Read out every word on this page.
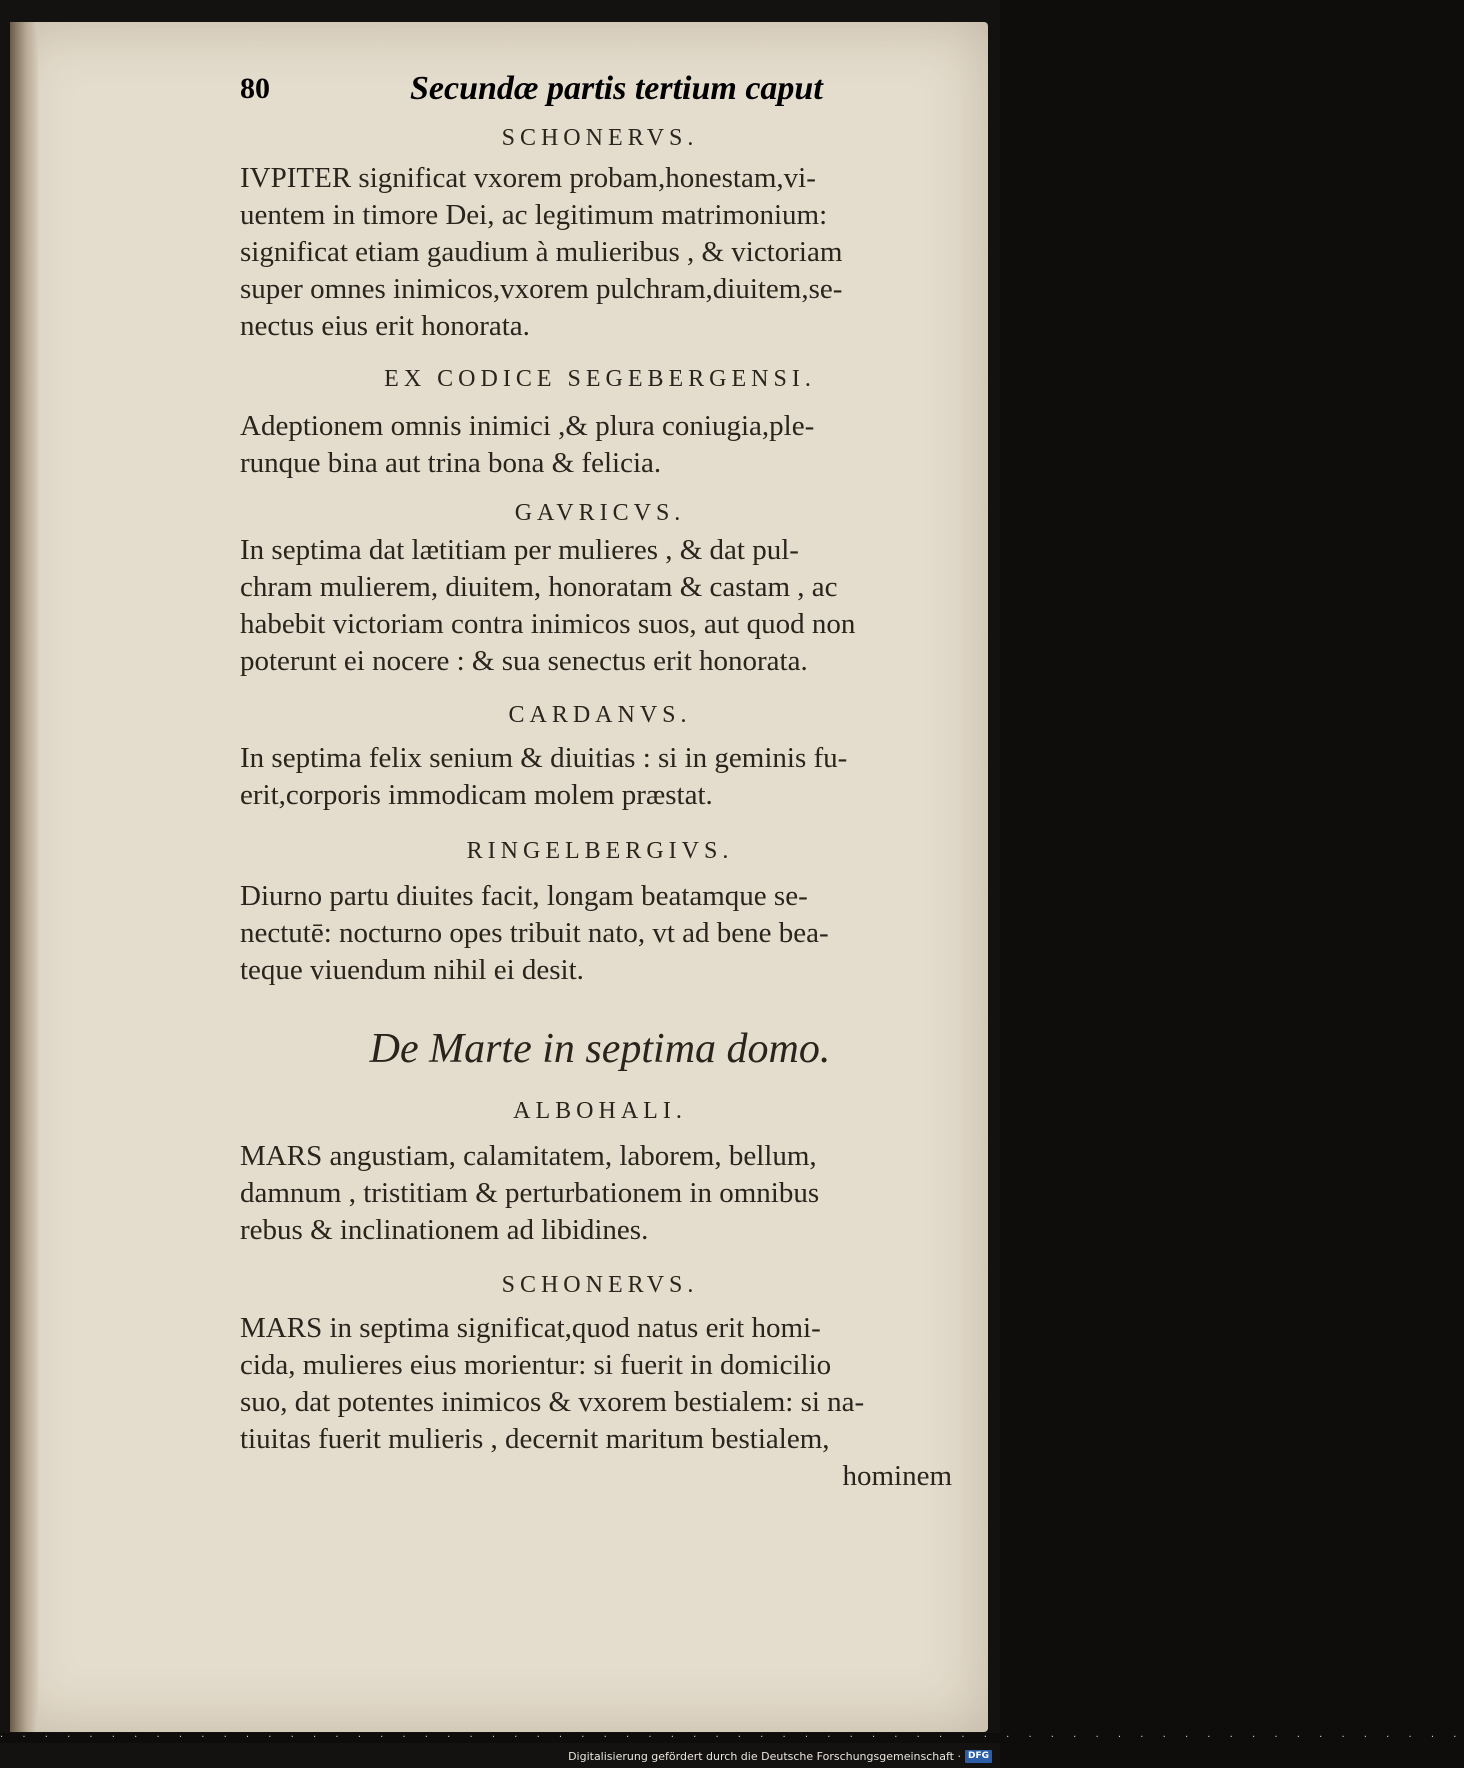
80	Secundæ partis tertium caput
SCHONERVS.
IVPITER significat vxorem probam,honestam,vi-
uentem in timore Dei, ac legitimum matrimonium:
significat etiam gaudium à mulieribus , & victoriam
super omnes inimicos,vxorem pulchram,diuitem,se-
nectus eius erit honorata.
EX CODICE SEGEBERGENSI.
Adeptionem omnis inimici ,& plura coniugia,ple-
runque bina aut trina bona & felicia.
GAVRICVS.
In septima dat lætitiam per mulieres , & dat pul-
chram mulierem, diuitem, honoratam & castam , ac
habebit victoriam contra inimicos suos, aut quod non
poterunt ei nocere : & sua senectus erit honorata.
CARDANVS.
In septima felix senium & diuitias : si in geminis fu-
erit,corporis immodicam molem præstat.
RINGELBERGIVS.
Diurno partu diuites facit, longam beatamque se-
nectutē: nocturno opes tribuit nato, vt ad bene bea-
teque viuendum nihil ei desit.
De Marte in septima domo.
ALBOHALI.
MARS angustiam, calamitatem, laborem, bellum,
damnum , tristitiam & perturbationem in omnibus
rebus & inclinationem ad libidines.
SCHONERVS.
MARS in septima significat,quod natus erit homi-
cida, mulieres eius morientur: si fuerit in domicilio
suo, dat potentes inimicos & vxorem bestialem: si na-
tiuitas fuerit mulieris , decernit maritum bestialem,
hominem
· · · · · · · · · · · · · · · · · · · · · · · · · · · · · · · · · · · · · · · · · · · · · · · · · · · · · · · · · · · · · · · · · ·
Digitalisierung gefördert durch die Deutsche Forschungsgemeinschaft · DFG
